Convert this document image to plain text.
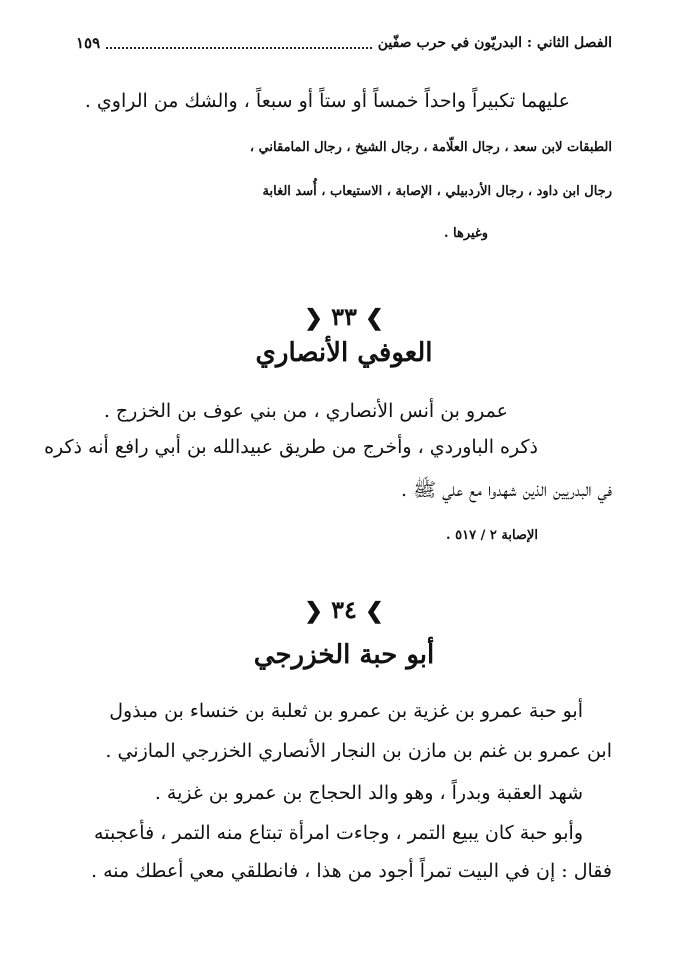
الفصل الثاني : البدريّون في حرب صفّين
١٥٩
عليهما تكبيراً واحداً خمساً أو ستاً أو سبعاً ، والشك من الراوي .
الطبقات لابن سعد ، رجال العلّامة ، رجال الشيخ ، رجال المامقاني ،
رجال ابن داود ، رجال الأردبيلي ، الإصابة ، الاستيعاب ، أُسد الغابة
وغيرها .
❯ ٣٣ ❮
العوفي الأنصاري
عمرو بن أنس الأنصاري ، من بني عوف بن الخزرج .
ذكره الباوردي ، وأخرج من طريق عبيدالله بن أبي رافع أنه ذكره
في البدريين الذين شهدوا مع علي ﷺ .
الإصابة ٢ / ٥١٧ .
❯ ٣٤ ❮
أبو حبة الخزرجي
أبو حبة عمرو بن غزية بن عمرو بن ثعلبة بن خنساء بن مبذول
ابن عمرو بن غنم بن مازن بن النجار الأنصاري الخزرجي المازني .
شهد العقبة وبدراً ، وهو والد الحجاج بن عمرو بن غزية .
وأبو حبة كان يبيع التمر ، وجاءت امرأة تبتاع منه التمر ، فأعجبته
فقال : إن في البيت تمراً أجود من هذا ، فانطلقي معي أعطك منه .
